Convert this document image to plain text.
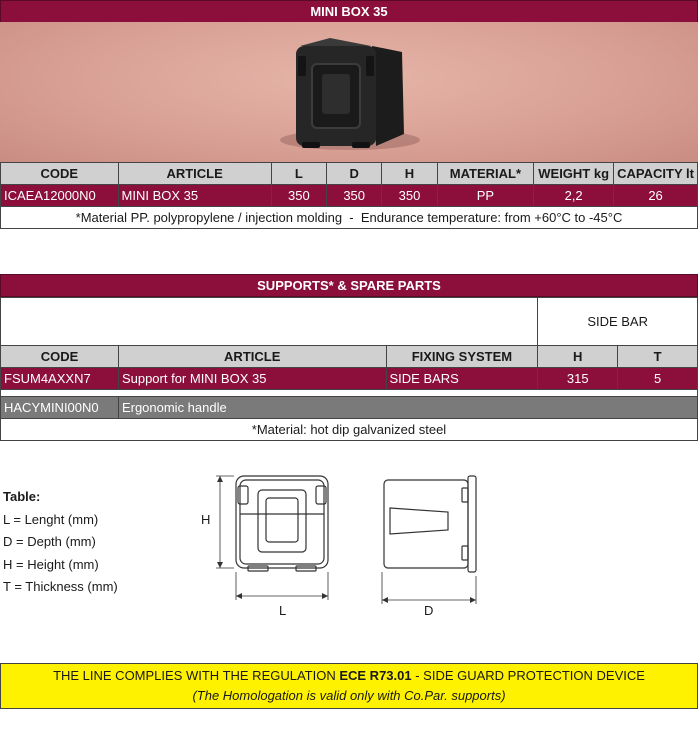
MINI BOX 35
CODE	ARTICLE	L	D	H	MATERIAL*	WEIGHT kg	CAPACITY lt
ICAEA12000N0	MINI BOX 35	350	350	350	PP	2,2	26
*Material PP. polypropylene / injection molding  -  Endurance temperature: from +60°C to -45°C							
SUPPORTS* & SPARE PARTS
			SIDE BAR	
CODE	ARTICLE	FIXING SYSTEM	H	T
FSUM4AXXN7	Support for MINI BOX 35	SIDE BARS	315	5

HACYMINI00N0	Ergonomic handle			
*Material: hot dip galvanized steel				
Table:
L = Lenght (mm)
D = Depth (mm)
H = Height (mm)
T = Thickness (mm)
H
L	D
THE LINE COMPLIES WITH THE REGULATION ECE R73.01 - SIDE GUARD PROTECTION DEVICE
(The Homologation is valid only with Co.Par. supports)
